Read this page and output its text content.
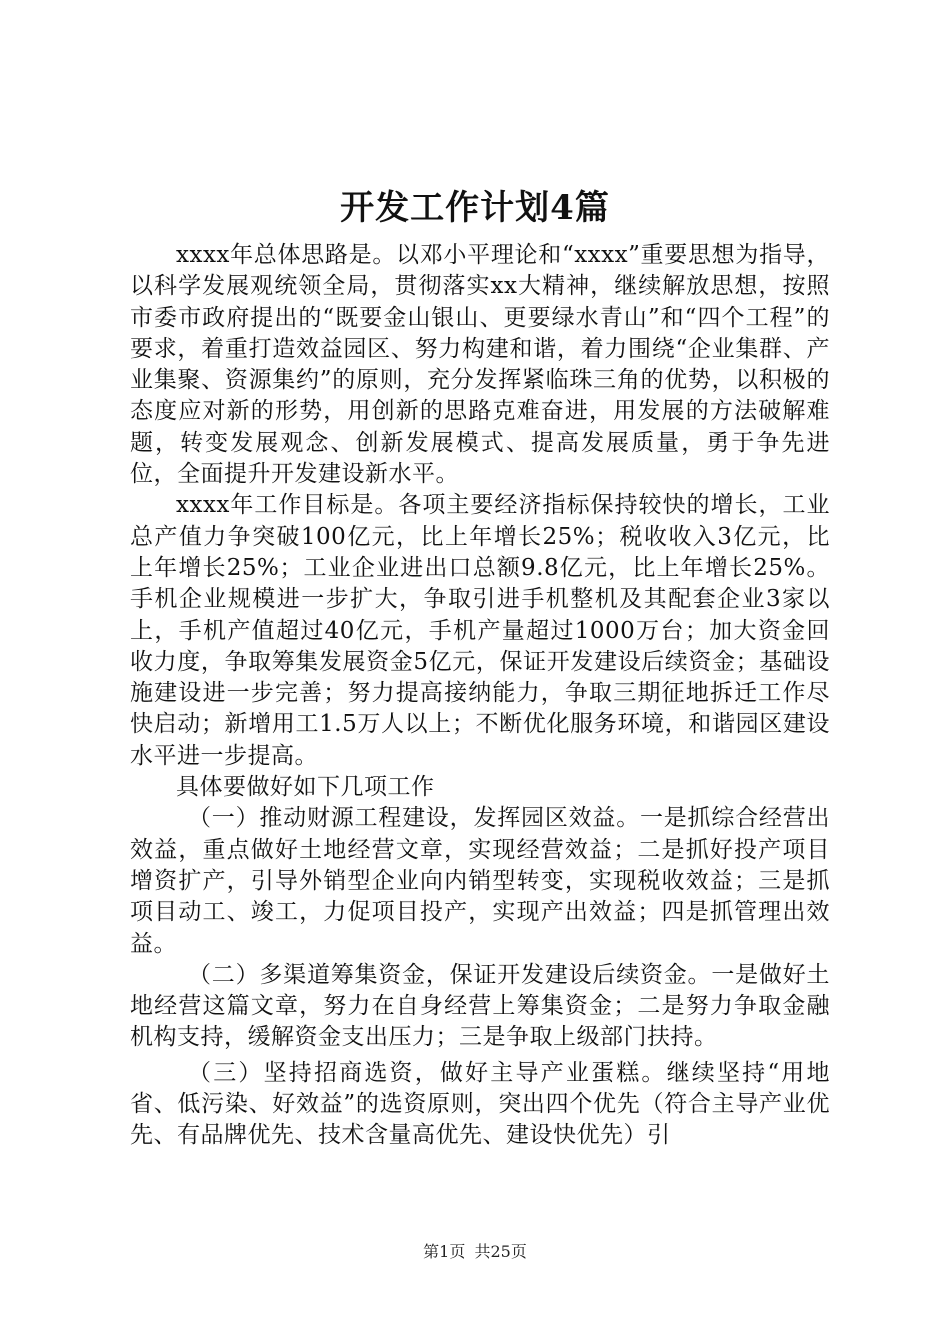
开发工作计划4篇

xxxx年总体思路是。以邓小平理论和“xxxx”重要思想为指导，以科学发展观统领全局，贯彻落实xx大精神，继续解放思想，按照市委市政府提出的“既要金山银山、更要绿水青山”和“四个工程”的要求，着重打造效益园区、努力构建和谐，着力围绕“企业集群、产业集聚、资源集约”的原则，充分发挥紧临珠三角的优势，以积极的态度应对新的形势，用创新的思路克难奋进，用发展的方法破解难题，转变发展观念、创新发展模式、提高发展质量，勇于争先进位，全面提升开发建设新水平。

xxxx年工作目标是。各项主要经济指标保持较快的增长，工业总产值力争突破100亿元，比上年增长25%；税收收入3亿元，比上年增长25%；工业企业进出口总额9.8亿元，比上年增长25%。手机企业规模进一步扩大，争取引进手机整机及其配套企业3家以上，手机产值超过40亿元，手机产量超过1000万台；加大资金回收力度，争取筹集发展资金5亿元，保证开发建设后续资金；基础设施建设进一步完善；努力提高接纳能力，争取三期征地拆迁工作尽快启动；新增用工1.5万人以上；不断优化服务环境，和谐园区建设水平进一步提高。

具体要做好如下几项工作

（一）推动财源工程建设，发挥园区效益。一是抓综合经营出效益，重点做好土地经营文章，实现经营效益；二是抓好投产项目增资扩产，引导外销型企业向内销型转变，实现税收效益；三是抓项目动工、竣工，力促项目投产，实现产出效益；四是抓管理出效益。

（二）多渠道筹集资金，保证开发建设后续资金。一是做好土地经营这篇文章，努力在自身经营上筹集资金；二是努力争取金融机构支持，缓解资金支出压力；三是争取上级部门扶持。

（三）坚持招商选资，做好主导产业蛋糕。继续坚持“用地省、低污染、好效益”的选资原则，突出四个优先（符合主导产业优先、有品牌优先、技术含量高优先、建设快优先）引

第1页 共25页
